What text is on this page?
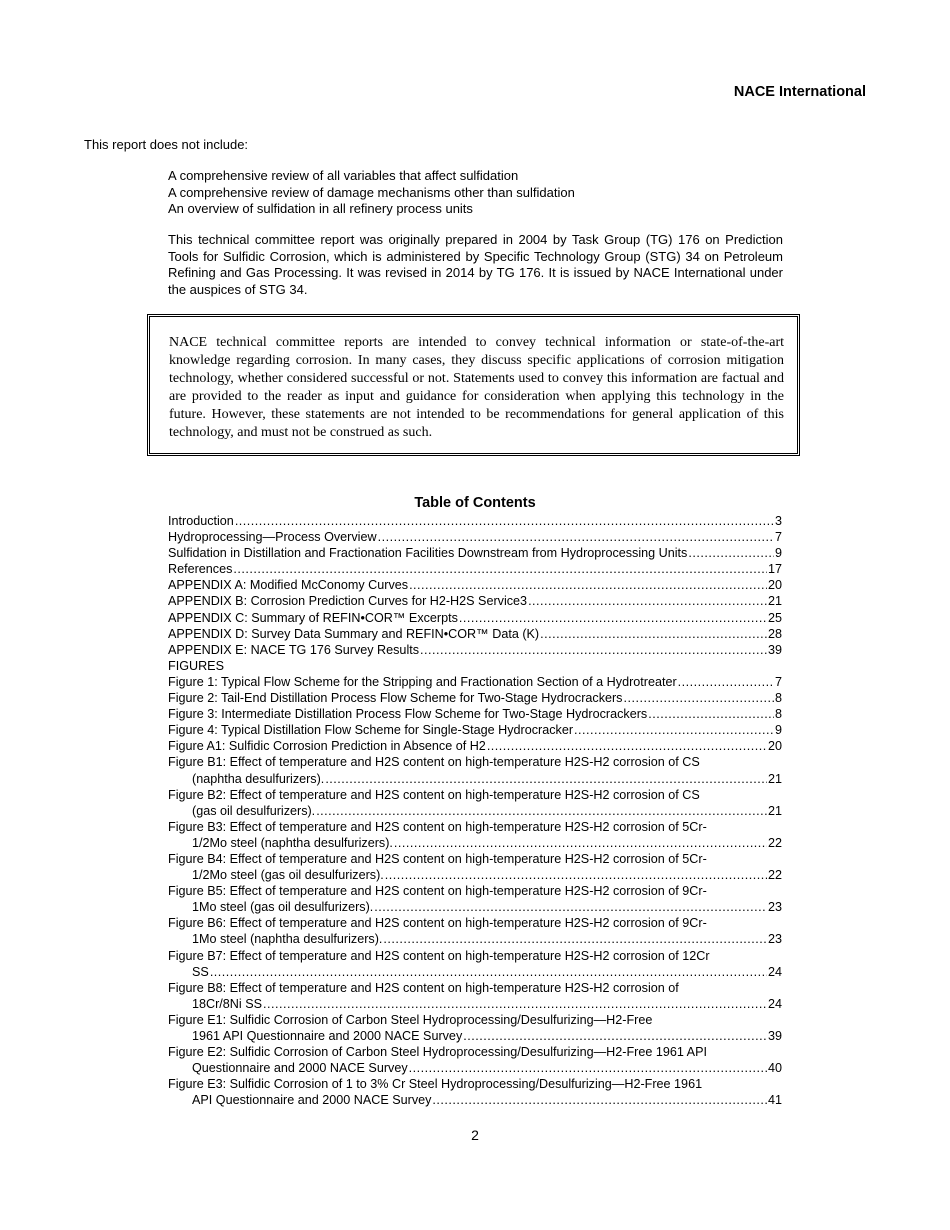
NACE International
This report does not include:
A comprehensive review of all variables that affect sulfidation
A comprehensive review of damage mechanisms other than sulfidation
An overview of sulfidation in all refinery process units
This technical committee report was originally prepared in 2004 by Task Group (TG) 176 on Prediction Tools for Sulfidic Corrosion, which is administered by Specific Technology Group (STG) 34 on Petroleum Refining and Gas Processing. It was revised in 2014 by TG 176. It is issued by NACE International under the auspices of STG 34.
NACE technical committee reports are intended to convey technical information or state-of-the-art knowledge regarding corrosion. In many cases, they discuss specific applications of corrosion mitigation technology, whether considered successful or not. Statements used to convey this information are factual and are provided to the reader as input and guidance for consideration when applying this technology in the future. However, these statements are not intended to be recommendations for general application of this technology, and must not be construed as such.
Table of Contents
Introduction .....	3
Hydroprocessing—Process Overview .....	7
Sulfidation in Distillation and Fractionation Facilities Downstream from Hydroprocessing Units .....	9
References .....	17
APPENDIX A: Modified McConomy Curves .....	20
APPENDIX B: Corrosion Prediction Curves for H2-H2S Service3 .....	21
APPENDIX C: Summary of REFIN•COR™ Excerpts .....	25
APPENDIX D: Survey Data Summary and REFIN•COR™ Data (K) .....	28
APPENDIX E: NACE TG 176 Survey Results .....	39
FIGURES
Figure 1: Typical Flow Scheme for the Stripping and Fractionation Section of a Hydrotreater .....	7
Figure 2: Tail-End Distillation Process Flow Scheme for Two-Stage Hydrocrackers .....	8
Figure 3: Intermediate Distillation Process Flow Scheme for Two-Stage Hydrocrackers .....	8
Figure 4: Typical Distillation Flow Scheme for Single-Stage Hydrocracker .....	9
Figure A1: Sulfidic Corrosion Prediction in Absence of H2 .....	20
Figure B1: Effect of temperature and H2S content on high-temperature H2S-H2 corrosion of CS
(naphtha desulfurizers). .....	21
Figure B2: Effect of temperature and H2S content on high-temperature H2S-H2 corrosion of CS
(gas oil desulfurizers). .....	21
Figure B3: Effect of temperature and H2S content on high-temperature H2S-H2 corrosion of 5Cr-
1/2Mo steel (naphtha desulfurizers). .....	22
Figure B4: Effect of temperature and H2S content on high-temperature H2S-H2 corrosion of 5Cr-
1/2Mo steel (gas oil desulfurizers). .....	22
Figure B5: Effect of temperature and H2S content on high-temperature H2S-H2 corrosion of 9Cr-
1Mo steel (gas oil desulfurizers). .....	23
Figure B6: Effect of temperature and H2S content on high-temperature H2S-H2 corrosion of 9Cr-
1Mo steel (naphtha desulfurizers). .....	23
Figure B7: Effect of temperature and H2S content on high-temperature H2S-H2 corrosion of 12Cr
SS .....	24
Figure B8: Effect of temperature and H2S content on high-temperature H2S-H2 corrosion of
18Cr/8Ni SS .....	24
Figure E1: Sulfidic Corrosion of Carbon Steel Hydroprocessing/Desulfurizing—H2-Free
1961 API Questionnaire and 2000 NACE Survey .....	39
Figure E2: Sulfidic Corrosion of Carbon Steel Hydroprocessing/Desulfurizing—H2-Free 1961 API
Questionnaire and 2000 NACE Survey .....	40
Figure E3: Sulfidic Corrosion of 1 to 3% Cr Steel Hydroprocessing/Desulfurizing—H2-Free 1961
API Questionnaire and 2000 NACE Survey .....	41
2
